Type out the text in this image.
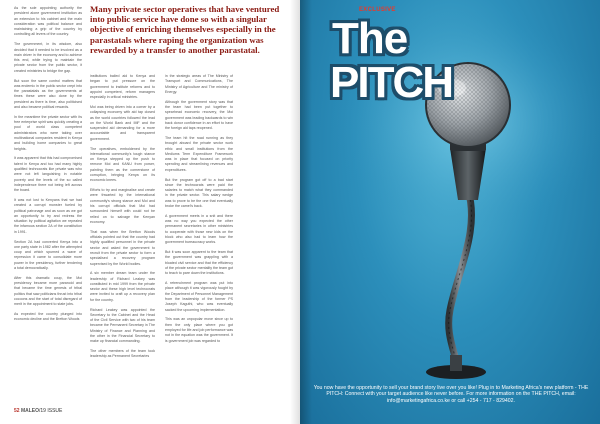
As the sole appointing authority the president alone government institution as an extension to his cabinet and the main consideration was political balance and maintaining a grip of the country by controlling all levers of the country.

The government, in its wisdom, also decided that it needed to be involved as a main driver in the economy and to achieve this end, while trying to maintain the private sector from the public sector, it created ministries to bridge the gap.

But soon the same control matters that was endemic in the public sector crept into the parastatals as the governments at times these were also done by the president as there is time, also politicised and also became political rewards.

In the meantime the private sector with its free enterprise spirit was quickly creating a pool of world class competent administrators who were taking over multinational companies resident in Kenya and building home companies to great heights.

It was apparent that this had compromised talent in Kenya and too had many highly qualified technocrats like private was who were not left languishing in notable poverty and the levels of the so called independence there not being left across the board.

It was not lost to Kenyans that we had created a corrupt monster fueled by political patronage and as soon as we got an opportunity to try and redress the situation by political agitation we repealed the infamous section 2A of the constitution in 1991.

Section 2A had converted Kenya into a one party state in 1982 after the attempted coup and which spurned a wave of repression it came to consolidate more power in the presidency, further tendering a total democratically.

After this dramatic coup, the Moi presidency became more paranoid and that became the time genesis of tribal politics that saw politicians thrust into tribal cocoons and the start of total disregard of merit in the appointment to state jobs.

As expected the country plunged into economic decline and the Bretton Woods

Many private sector operatives that have ventured into public service have done so with a singular objective of enriching themselves especially in the parastatals where raping the organization was rewarded by a transfer to another parastatal.

institutions bailed aid to Kenya and began to put pressure on the government to institute reforms and to appoint competent, reform managers especially in critical ministries.

Moi was being driven into a corner by a collapsing economy with aid tap closed as the world countries followed the lead on the World Bank and IMF and the suspended aid demanding for a more accountable and transparent government.

The operatives, emboldened by the international community's tough stance on Kenya stepped up the push to remove Moi and KANU from power, painting them as the cornerstone of corruption, bringing Kenya on its economic knees.

Efforts to try and marginalise and create were thwarted by the international community's strong stance and Moi and his corrupt officials that Moi had surrounded himself with could not be relied on to salvage the Kenyan economy.

That was when the Bretton Woods officials pointed out that the country had highly qualified personnel in the private sector and asked the government to recruit from the private sector to form a specialised a recovery program supervised by the World bodies.

A six member dream team under the leadership of Richard Leakey was constituted in mid 1999 from the private sector and these high level technocrats were invited to craft up a recovery plan for the country.

Richard Leakey was appointed the Secretary to the Cabinet and the Head of the Civil Service with two of his team became the Permanent Secretary in The Ministry of Finance and Planning and the other in the Financial Secretary to make up financial commanding.

The other members of the team took leadership as Permanent Secretaries

in the strategic areas of The Ministry of Transport and Communications, The Ministry of Agriculture and The ministry of Energy.

Although the government story was that the team had been put together to spearhead economic recovery, the Moi government was leading backwards to win back donor confidence in an effort to have the foreign aid taps reopened.

The team hit the road running as they brought aboard the private sector work ethic and small institutions from the Mediums Term Expenditure Framework was in place that focused on priority spending and streamlining revenues and expenditures.

But the program got off to a bad start since the technocrats were paid the salaries to match what they commanded in the private sector. This salary wedge was to prove to be the one that eventually broke the camel's back.

A government meets in a snit and there was no way you expected the other permanent secretaries in other ministries to cooperate with those new kids on the block who also had to learn how the government bureaucracy works.

But it was soon apparent to the team that the government was grappling with a bloated civil service and that the efficiency of the private sector mentality the team got to teach to pare down the institutions.

A retrenchment program was put into place although it was vigorously fought by the Department of Personnel Management from the leadership of the former PS Joseph Kaguthi, who was eventually sacked the upcoming implementation.

This was an unpopular move since up to then the only place where you got employed for life and job performance was not in the equation was the government. It is government job was regarded to

52 MALEO/19 ISSUE
EXCLUSIVE
The
PITCH
You now have the opportunity to sell your brand story live over you like! Plug in to Marketing Africa's new platform - THE PITCH: Connect with your target audience like never before. For more information on the THE PITCH, email: info@marketingafrica.co.ke or call +254 - 717 - 829402.
